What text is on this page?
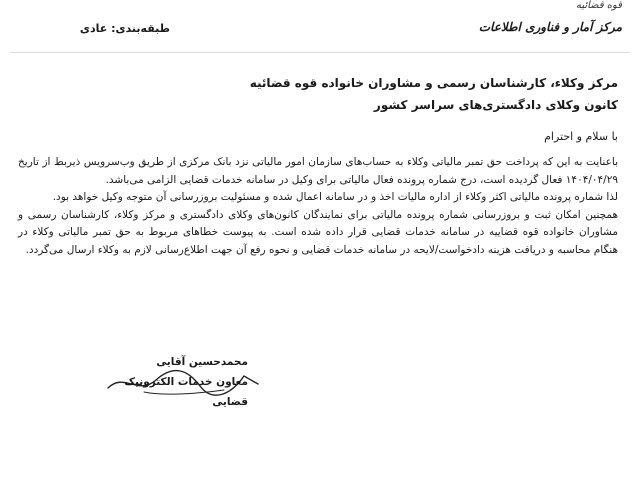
طبقه‌بندی: عادی
قوه قضائیه
مرکز آمار و فناوری اطلاعات
مرکز وکلاء، کارشناسان رسمی و مشاوران خانواده قوه قضائیه
کانون وکلای دادگستری‌های سراسر کشور
با سلام و احترام

باعنایت به این که پرداخت حق تمبر مالیاتی وکلاء به حساب‌های سازمان امور مالیاتی نزد بانک مرکزی از طریق وب‌سرویس ذیربط از تاریخ ۱۴۰۴/۰۴/۲۹ فعال گردیده است، درج شماره پرونده فعال مالیاتی برای وکیل در سامانه خدمات قضایی الزامی می‌باشد.

لذا شماره پرونده مالیاتی اکثر وکلاء از اداره مالیات اخذ و در سامانه اعمال شده و مسئولیت بروزرسانی آن متوجه وکیل خواهد بود.

همچنین امکان ثبت و بروزرسانی شماره پرونده مالیاتی برای نمایندگان کانون‌های وکلای دادگستری و مرکز وکلاء، کارشناسان رسمی و مشاوران خانواده قوه قضاییه در سامانه خدمات قضایی قرار داده شده است. به پیوست خطاهای مربوط به حق تمبر مالیاتی وکلاء در هنگام محاسبه و دریافت هزینه دادخواست/لایحه در سامانه خدمات قضایی و نحوه رفع آن جهت اطلاع‌رسانی لازم به وکلاء ارسال می‌گردد.

محمدحسین آقایی
معاون خدمات الکترونیک قضایی
